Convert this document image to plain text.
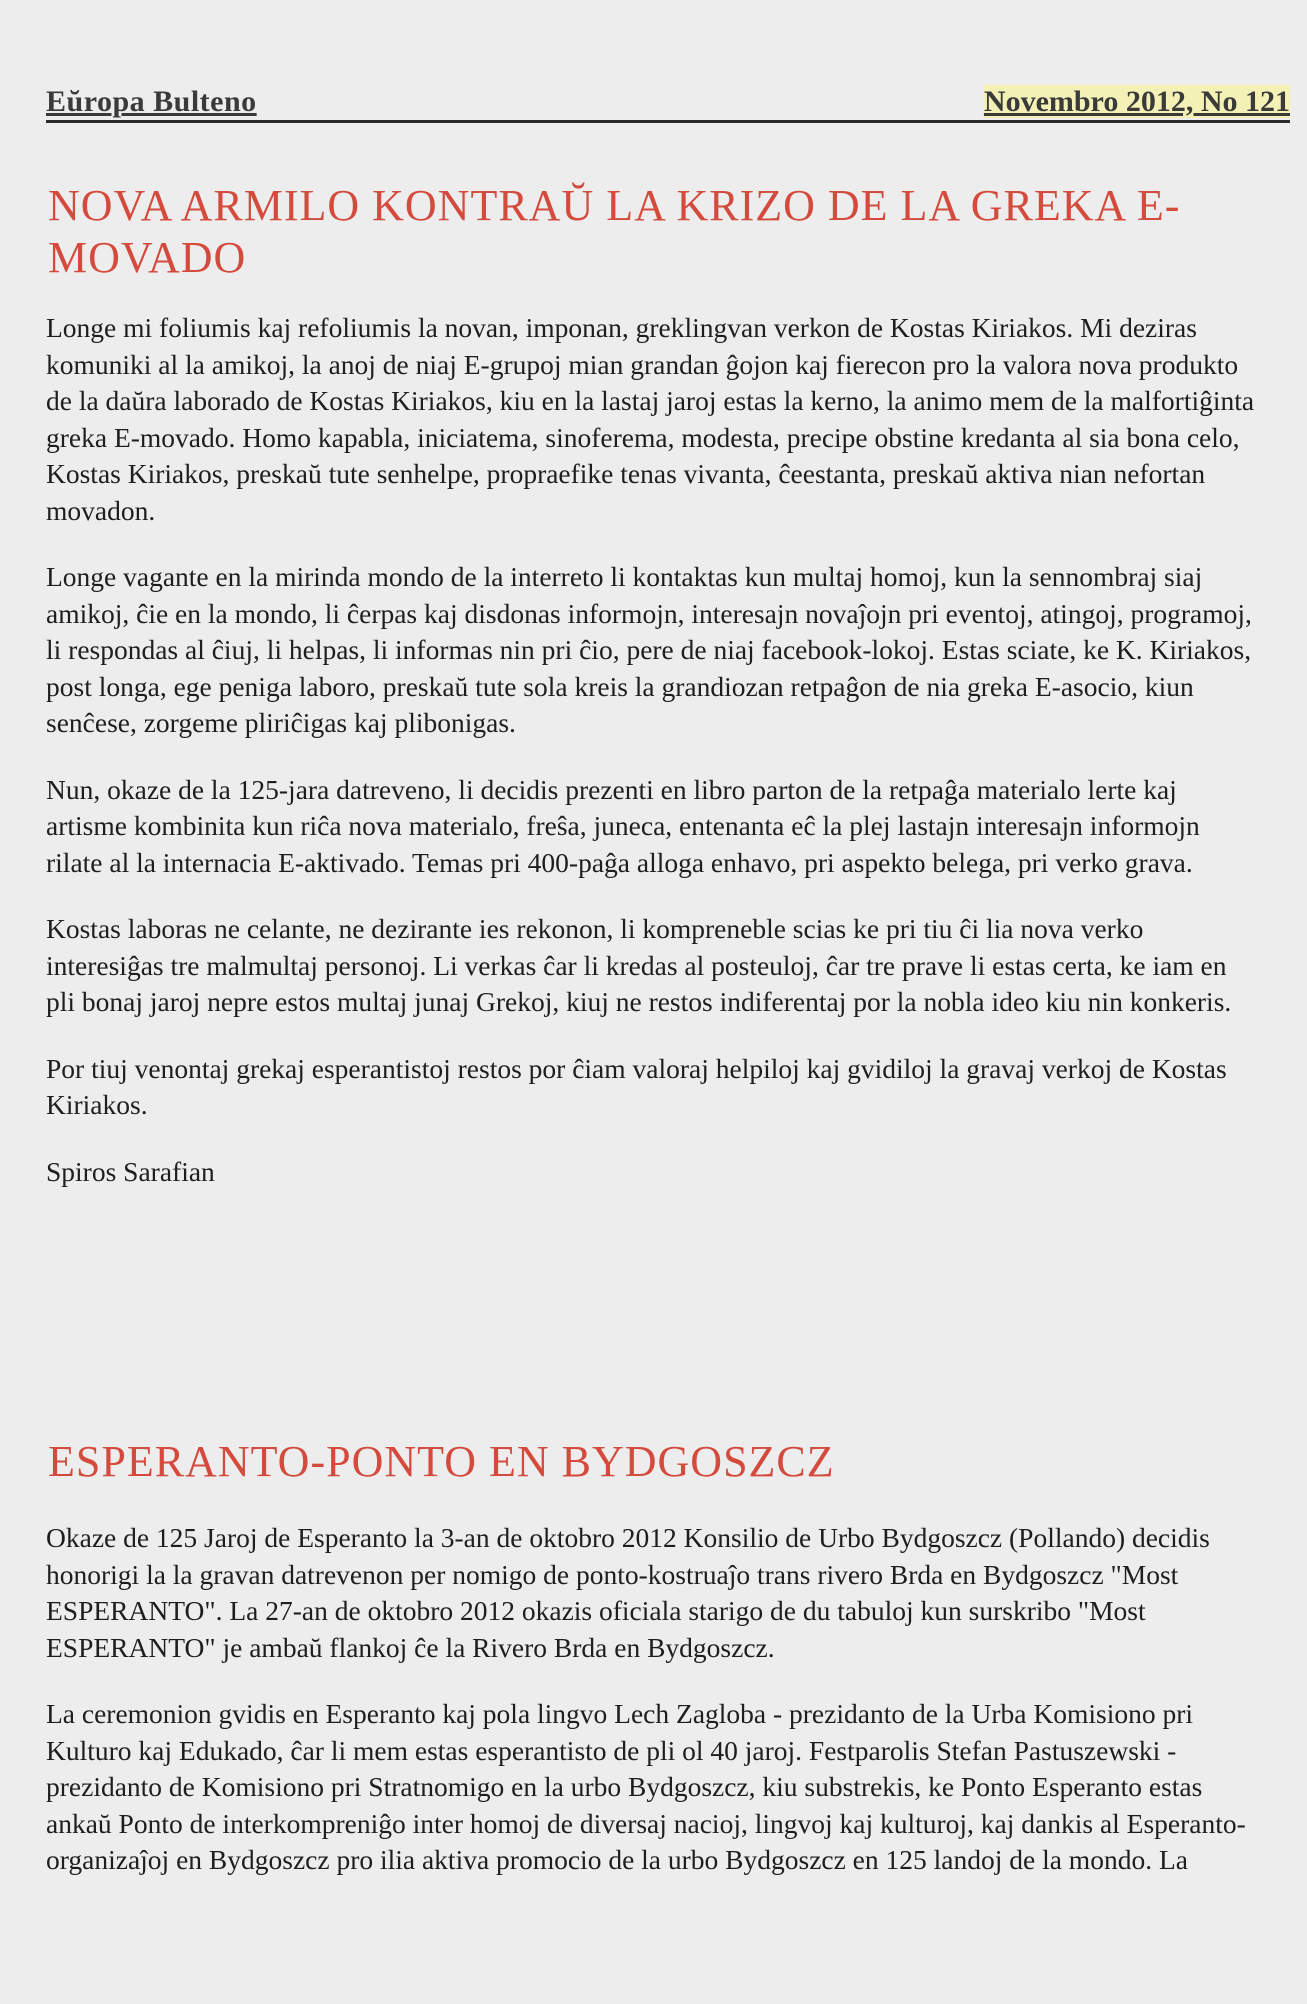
Eŭropa Bulteno	Novembro 2012, No 121
NOVA ARMILO KONTRAŬ LA KRIZO DE LA GREKA E-MOVADO

Longe mi foliumis kaj refoliumis la novan, imponan, greklingvan verkon de Kostas Kiriakos. Mi deziras komuniki al la amikoj, la anoj de niaj E-grupoj mian grandan ĝojon kaj fierecon pro la valora nova produkto de la daŭra laborado de Kostas Kiriakos, kiu en la lastaj jaroj estas la kerno, la animo mem de la malfortiĝinta greka E-movado. Homo kapabla, iniciatema, sinoferema, modesta, precipe obstine kredanta al sia bona celo, Kostas Kiriakos, preskaŭ tute senhelpe, propraefike tenas vivanta, ĉeestanta, preskaŭ aktiva nian nefortan movadon.

Longe vagante en la mirinda mondo de la interreto li kontaktas kun multaj homoj, kun la sennombraj siaj amikoj, ĉie en la mondo, li ĉerpas kaj disdonas informojn, interesajn novaĵojn pri eventoj, atingoj, programoj, li respondas al ĉiuj, li helpas, li informas nin pri ĉio, pere de niaj facebook-lokoj. Estas sciate, ke K. Kiriakos, post longa, ege peniga laboro, preskaŭ tute sola kreis la grandiozan retpaĝon de nia greka E-asocio, kiun senĉese, zorgeme pliriĉigas kaj plibonigas.

Nun, okaze de la 125-jara datreveno, li decidis prezenti en libro parton de la retpaĝa materialo lerte kaj artisme kombinita kun riĉa nova materialo, freŝa, juneca, entenanta eĉ la plej lastajn interesajn informojn rilate al la internacia E-aktivado. Temas pri 400-paĝa alloga enhavo, pri aspekto belega, pri verko grava.

Kostas laboras ne celante, ne dezirante ies rekonon, li kompreneble scias ke pri tiu ĉi lia nova verko interesiĝas tre malmultaj personoj. Li verkas ĉar li kredas al posteuloj, ĉar tre prave li estas certa, ke iam en pli bonaj jaroj nepre estos multaj junaj Grekoj, kiuj ne restos indiferentaj por la nobla ideo kiu nin konkeris.

Por tiuj venontaj grekaj esperantistoj restos por ĉiam valoraj helpiloj kaj gvidiloj la gravaj verkoj de Kostas Kiriakos.

Spiros Sarafian

ESPERANTO-PONTO EN BYDGOSZCZ

Okaze de 125 Jaroj de Esperanto la 3-an de oktobro 2012 Konsilio de Urbo Bydgoszcz (Pollando) decidis honorigi la la gravan datrevenon per nomigo de ponto-kostruaĵo trans rivero Brda en Bydgoszcz "Most ESPERANTO". La 27-an de oktobro 2012 okazis oficiala starigo de du tabuloj kun surskribo "Most ESPERANTO" je ambaŭ flankoj ĉe la Rivero Brda en Bydgoszcz.

La ceremonion gvidis en Esperanto kaj pola lingvo Lech Zagloba - prezidanto de la Urba Komisiono pri Kulturo kaj Edukado, ĉar li mem estas esperantisto de pli ol 40 jaroj. Festparolis Stefan Pastuszewski - prezidanto de Komisiono pri Stratnomigo en la urbo Bydgoszcz, kiu substrekis, ke Ponto Esperanto estas ankaŭ Ponto de interkompreniĝo inter homoj de diversaj nacioj, lingvoj kaj kulturoj, kaj dankis al Esperanto-organizaĵoj en Bydgoszcz pro ilia aktiva promocio de la urbo Bydgoszcz en 125 landoj de la mondo. La
